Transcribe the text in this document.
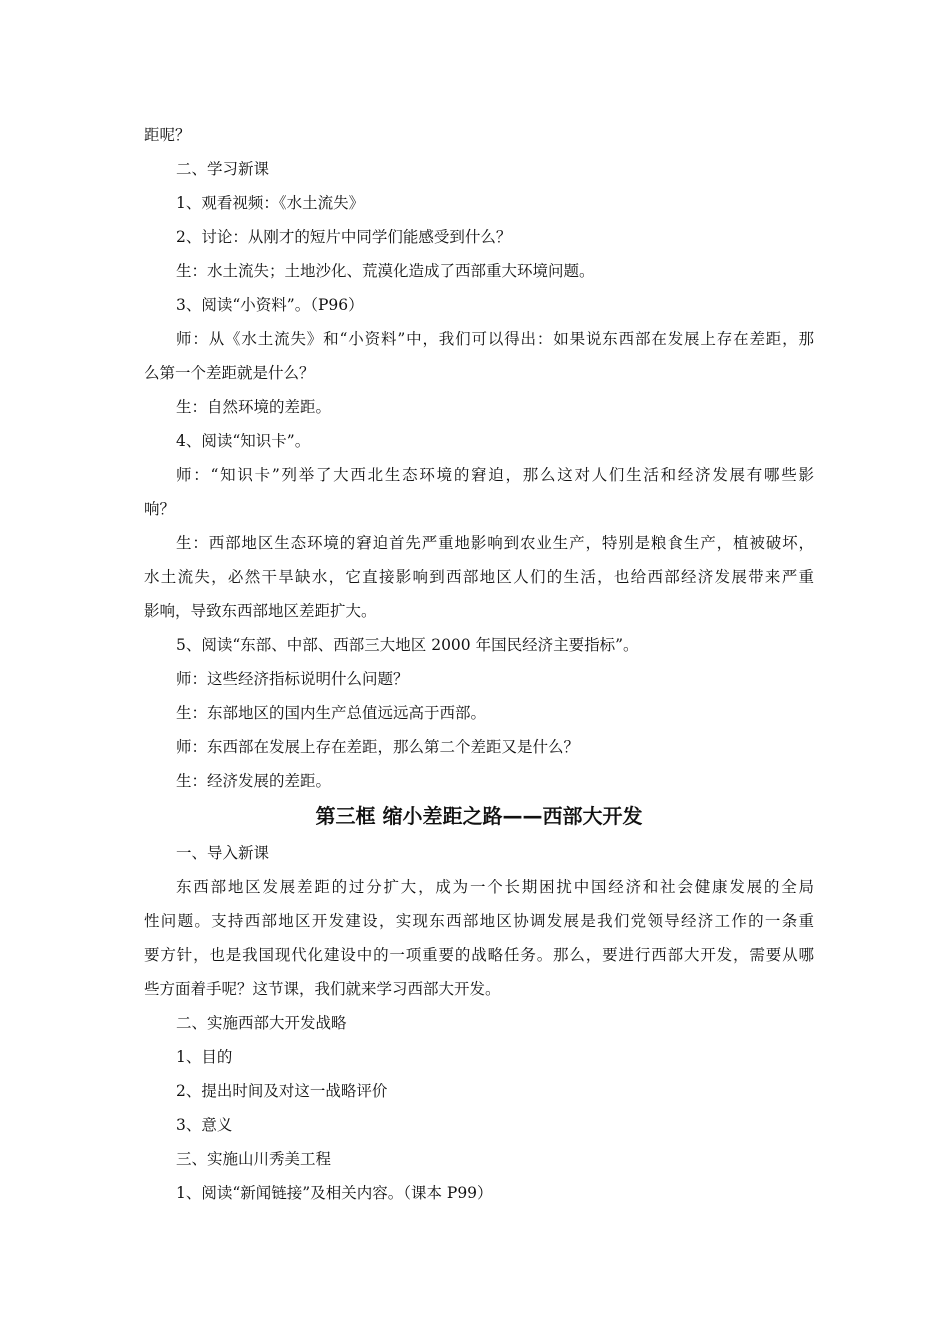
距呢？
二、学习新课
1、观看视频：《水土流失》
2、讨论：从刚才的短片中同学们能感受到什么？
生：水土流失；土地沙化、荒漠化造成了西部重大环境问题。
3、阅读“小资料”。（P96）
师：从《水土流失》和“小资料”中，我们可以得出：如果说东西部在发展上存在差距，那
么第一个差距就是什么？
生：自然环境的差距。
4、阅读“知识卡”。
师：“知识卡”列举了大西北生态环境的窘迫，那么这对人们生活和经济发展有哪些影
响？
生：西部地区生态环境的窘迫首先严重地影响到农业生产，特别是粮食生产，植被破坏，
水土流失，必然干旱缺水，它直接影响到西部地区人们的生活，也给西部经济发展带来严重
影响，导致东西部地区差距扩大。
5、阅读“东部、中部、西部三大地区 2000 年国民经济主要指标”。
师：这些经济指标说明什么问题？
生：东部地区的国内生产总值远远高于西部。
师：东西部在发展上存在差距，那么第二个差距又是什么？
生：经济发展的差距。
第三框 缩小差距之路——西部大开发
一、导入新课
东西部地区发展差距的过分扩大，成为一个长期困扰中国经济和社会健康发展的全局
性问题。支持西部地区开发建设，实现东西部地区协调发展是我们党领导经济工作的一条重
要方针，也是我国现代化建设中的一项重要的战略任务。那么，要进行西部大开发，需要从哪
些方面着手呢？这节课，我们就来学习西部大开发。
二、实施西部大开发战略
1、目的
2、提出时间及对这一战略评价
3、意义
三、实施山川秀美工程
1、阅读“新闻链接”及相关内容。（课本 P99）
